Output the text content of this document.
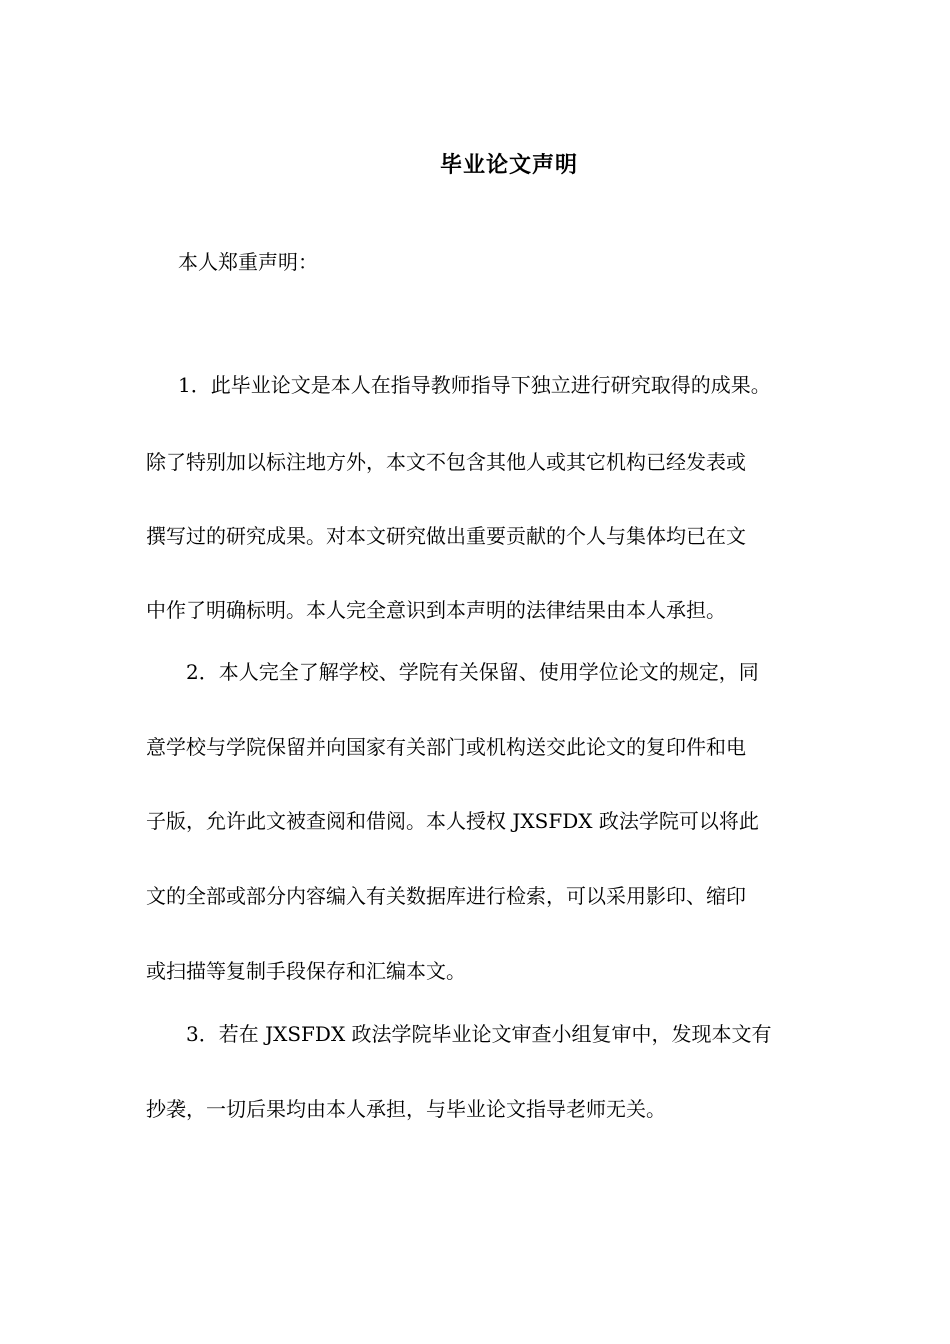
毕业论文声明
本人郑重声明：
1．此毕业论文是本人在指导教师指导下独立进行研究取得的成果。
除了特别加以标注地方外，本文不包含其他人或其它机构已经发表或
撰写过的研究成果。对本文研究做出重要贡献的个人与集体均已在文
中作了明确标明。本人完全意识到本声明的法律结果由本人承担。
2．本人完全了解学校、学院有关保留、使用学位论文的规定，同
意学校与学院保留并向国家有关部门或机构送交此论文的复印件和电
子版，允许此文被查阅和借阅。本人授权 JXSFDX 政法学院可以将此
文的全部或部分内容编入有关数据库进行检索，可以采用影印、缩印
或扫描等复制手段保存和汇编本文。
3．若在 JXSFDX 政法学院毕业论文审查小组复审中，发现本文有
抄袭，一切后果均由本人承担，与毕业论文指导老师无关。
